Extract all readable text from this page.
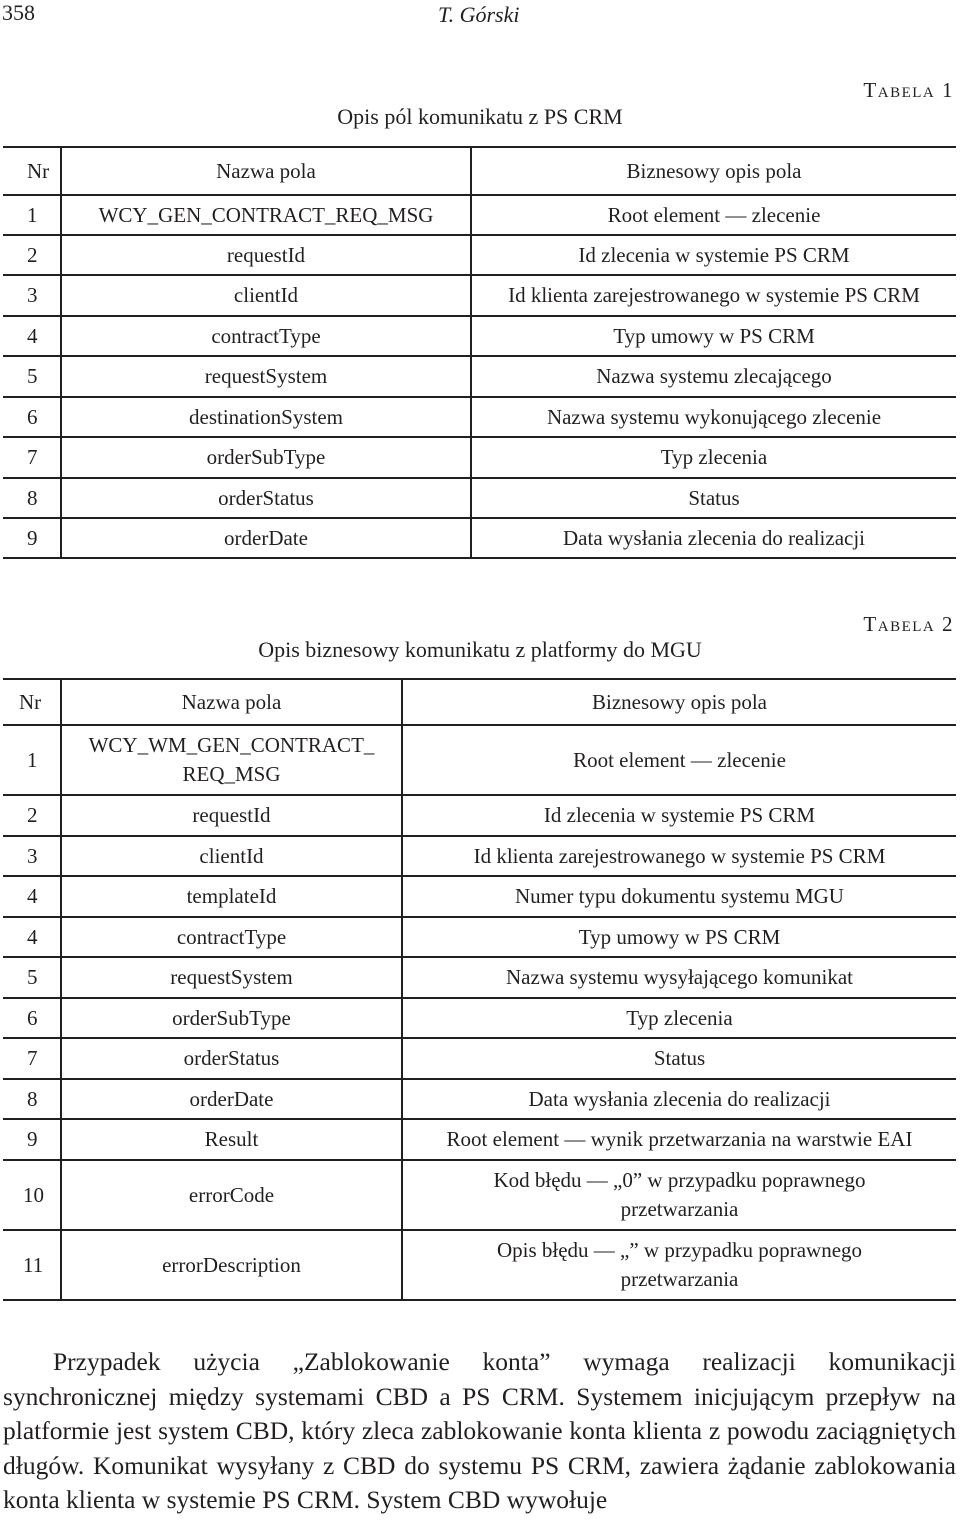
358	T. Górski
Tabela 1
Opis pól komunikatu z PS CRM
Nr	Nazwa pola	Biznesowy opis pola
1	WCY_GEN_CONTRACT_REQ_MSG	Root element — zlecenie
2	requestId	Id zlecenia w systemie PS CRM
3	clientId	Id klienta zarejestrowanego w systemie PS CRM
4	contractType	Typ umowy w PS CRM
5	requestSystem	Nazwa systemu zlecającego
6	destinationSystem	Nazwa systemu wykonującego zlecenie
7	orderSubType	Typ zlecenia
8	orderStatus	Status
9	orderDate	Data wysłania zlecenia do realizacji
Tabela 2
Opis biznesowy komunikatu z platformy do MGU
Nr	Nazwa pola	Biznesowy opis pola
1	WCY_WM_GEN_CONTRACT_
REQ_MSG	Root element — zlecenie
2	requestId	Id zlecenia w systemie PS CRM
3	clientId	Id klienta zarejestrowanego w systemie PS CRM
4	templateId	Numer typu dokumentu systemu MGU
4	contractType	Typ umowy w PS CRM
5	requestSystem	Nazwa systemu wysyłającego komunikat
6	orderSubType	Typ zlecenia
7	orderStatus	Status
8	orderDate	Data wysłania zlecenia do realizacji
9	Result	Root element — wynik przetwarzania na warstwie EAI
10	errorCode	Kod błędu — „0” w przypadku poprawnego
przetwarzania

11	errorDescription	Opis błędu — „” w przypadku poprawnego
przetwarzania

Przypadek użycia „Zablokowanie konta” wymaga realizacji komunikacji synchronicznej między systemami CBD a PS CRM. Systemem inicjującym przepływ na platformie jest system CBD, który zleca zablokowanie konta klienta z powodu zaciągniętych długów. Komunikat wysyłany z CBD do systemu PS CRM, zawiera żądanie zablokowania konta klienta w systemie PS CRM. System CBD wywołuje
